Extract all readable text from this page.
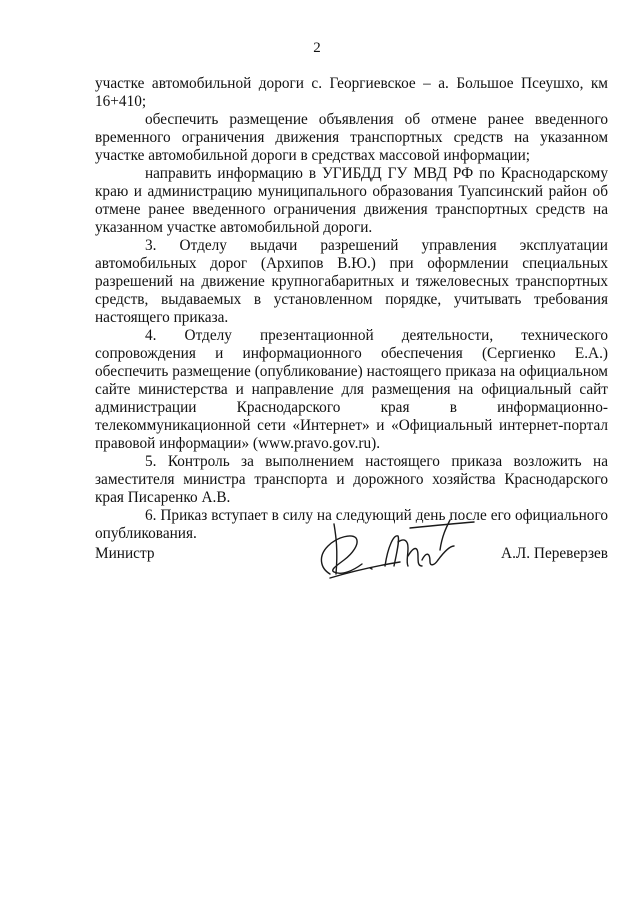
2

участке автомобильной дороги с. Георгиевское – а. Большое Псеушхо, км 16+410;

обеспечить размещение объявления об отмене ранее введенного временного ограничения движения транспортных средств на указанном участке автомобильной дороги в средствах массовой информации;

направить информацию в УГИБДД ГУ МВД РФ по Краснодарскому краю и администрацию муниципального образования Туапсинский район об отмене ранее введенного ограничения движения транспортных средств на указанном участке автомобильной дороги.

3. Отделу выдачи разрешений управления эксплуатации автомобильных дорог (Архипов В.Ю.) при оформлении специальных разрешений на движение крупногабаритных и тяжеловесных транспортных средств, выдаваемых в установленном порядке, учитывать требования настоящего приказа.

4. Отделу презентационной деятельности, технического сопровождения и информационного обеспечения (Сергиенко Е.А.) обеспечить размещение (опубликование) настоящего приказа на официальном сайте министерства и направление для размещения на официальный сайт администрации Краснодарского края в информационно-телекоммуникационной сети «Интернет» и «Официальный интернет-портал правовой информации» (www.pravo.gov.ru).

5. Контроль за выполнением настоящего приказа возложить на заместителя министра транспорта и дорожного хозяйства Краснодарского края Писаренко А.В.

6. Приказ вступает в силу на следующий день после его официального опубликования.

Министр	А.Л. Переверзев
